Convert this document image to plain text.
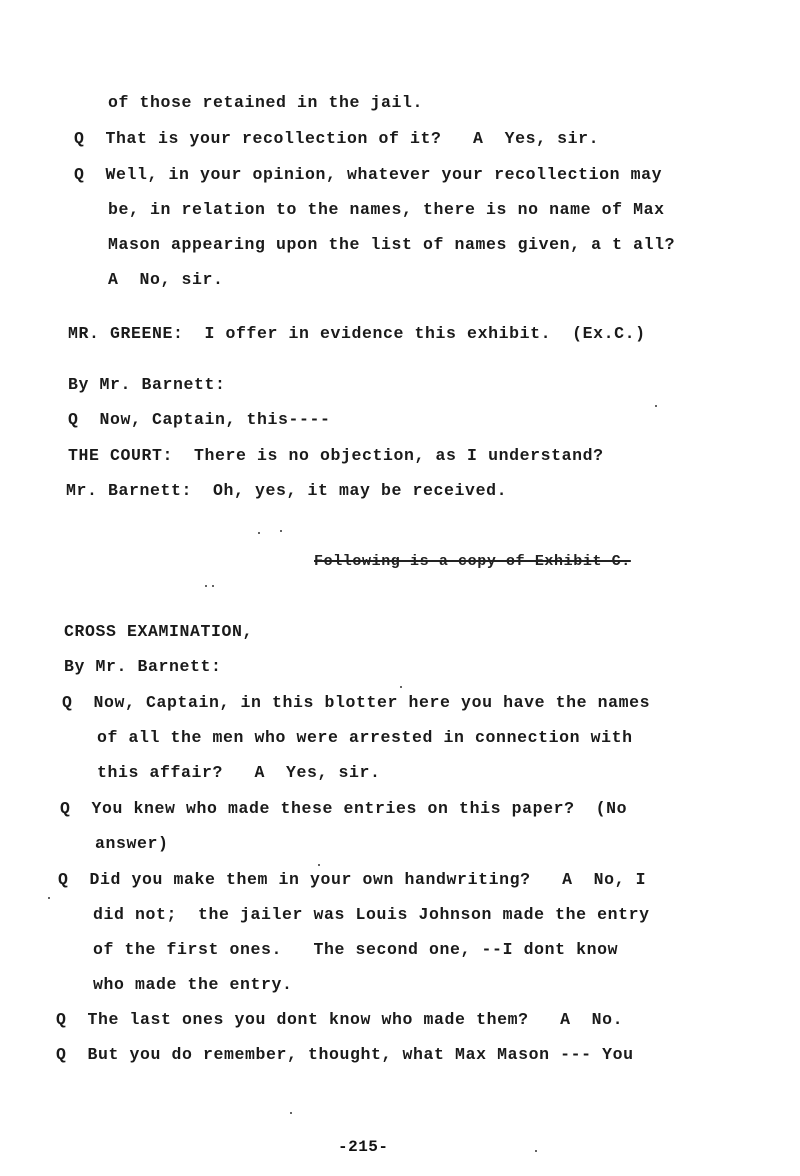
of those retained in the jail.
Q  That is your recollection of it?   A  Yes, sir.
Q  Well, in your opinion, whatever your recollection may
be, in relation to the names, there is no name of Max
Mason appearing upon the list of names given, a t all?
A  No, sir.
MR. GREENE:  I offer in evidence this exhibit.  (Ex.C.)
By Mr. Barnett:
Q  Now, Captain, this----
THE COURT:  There is no objection, as I understand?
Mr. Barnett:  Oh, yes, it may be received.
Following is a copy of Exhibit C.
CROSS EXAMINATION,
By Mr. Barnett:
Q  Now, Captain, in this blotter here you have the names
of all the men who were arrested in connection with
this affair?   A  Yes, sir.
Q  You knew who made these entries on this paper?  (No
answer)
Q  Did you make them in your own handwriting?   A  No, I
did not;  the jailer was Louis Johnson made the entry
of the first ones.   The second one, --I dont know
who made the entry.
Q  The last ones you dont know who made them?   A  No.
Q  But you do remember, thought, what Max Mason --- You
-215-
